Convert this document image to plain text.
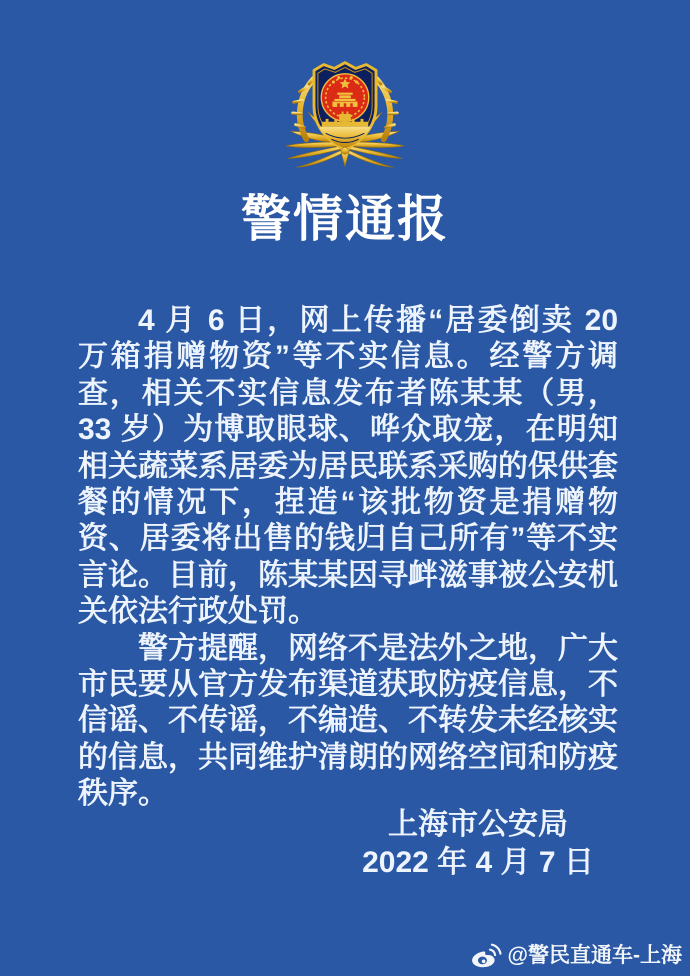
警情通报

4 月 6 日，网上传播“居委倒卖 20 万箱捐赠物资”等不实信息。经警方调查，相关不实信息发布者陈某某（男，33 岁）为博取眼球、哗众取宠，在明知相关蔬菜系居委为居民联系采购的保供套餐的情况下，捏造“该批物资是捐赠物资、居委将出售的钱归自己所有”等不实言论。目前，陈某某因寻衅滋事被公安机关依法行政处罚。

警方提醒，网络不是法外之地，广大市民要从官方发布渠道获取防疫信息，不信谣、不传谣，不编造、不转发未经核实的信息，共同维护清朗的网络空间和防疫秩序。

上海市公安局
2022 年 4 月 7 日
@警民直通车-上海
